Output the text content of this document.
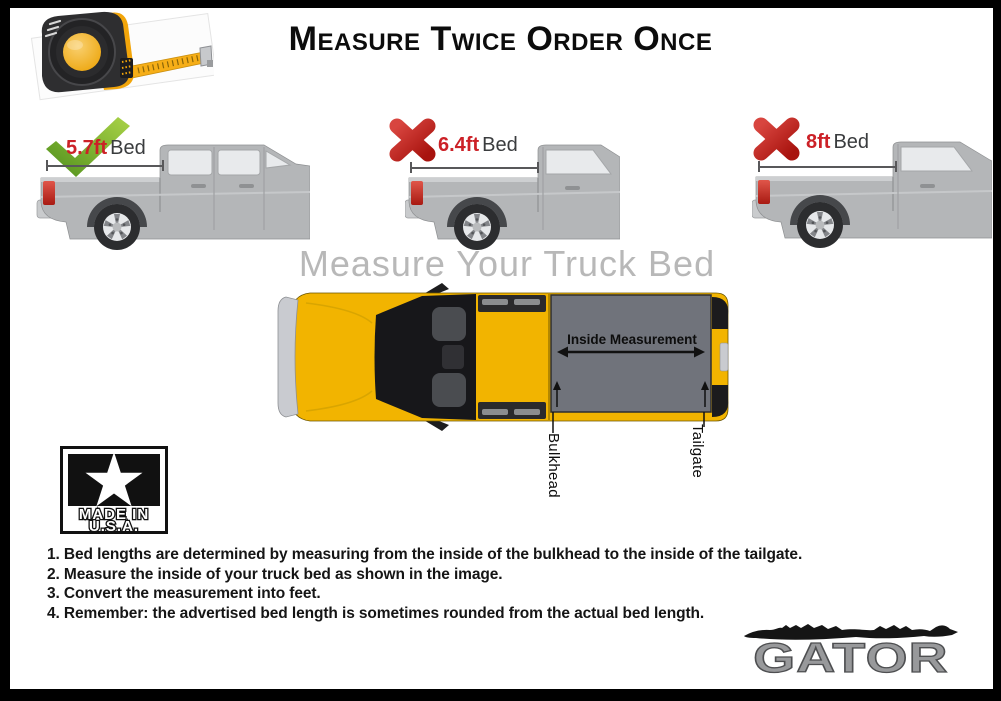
Measure Twice Order Once
5.7ft Bed	6.4ft Bed	8ft Bed
Measure Your Truck Bed
Inside Measurement
Bulkhead	Tailgate
MADE IN
U.S.A.
1. Bed lengths are determined by measuring from the inside of the bulkhead to the inside of the tailgate.
2. Measure the inside of your truck bed as shown in the image.
3. Convert the measurement into feet.
4. Remember: the advertised bed length is sometimes rounded from the actual bed length.
GATOR
